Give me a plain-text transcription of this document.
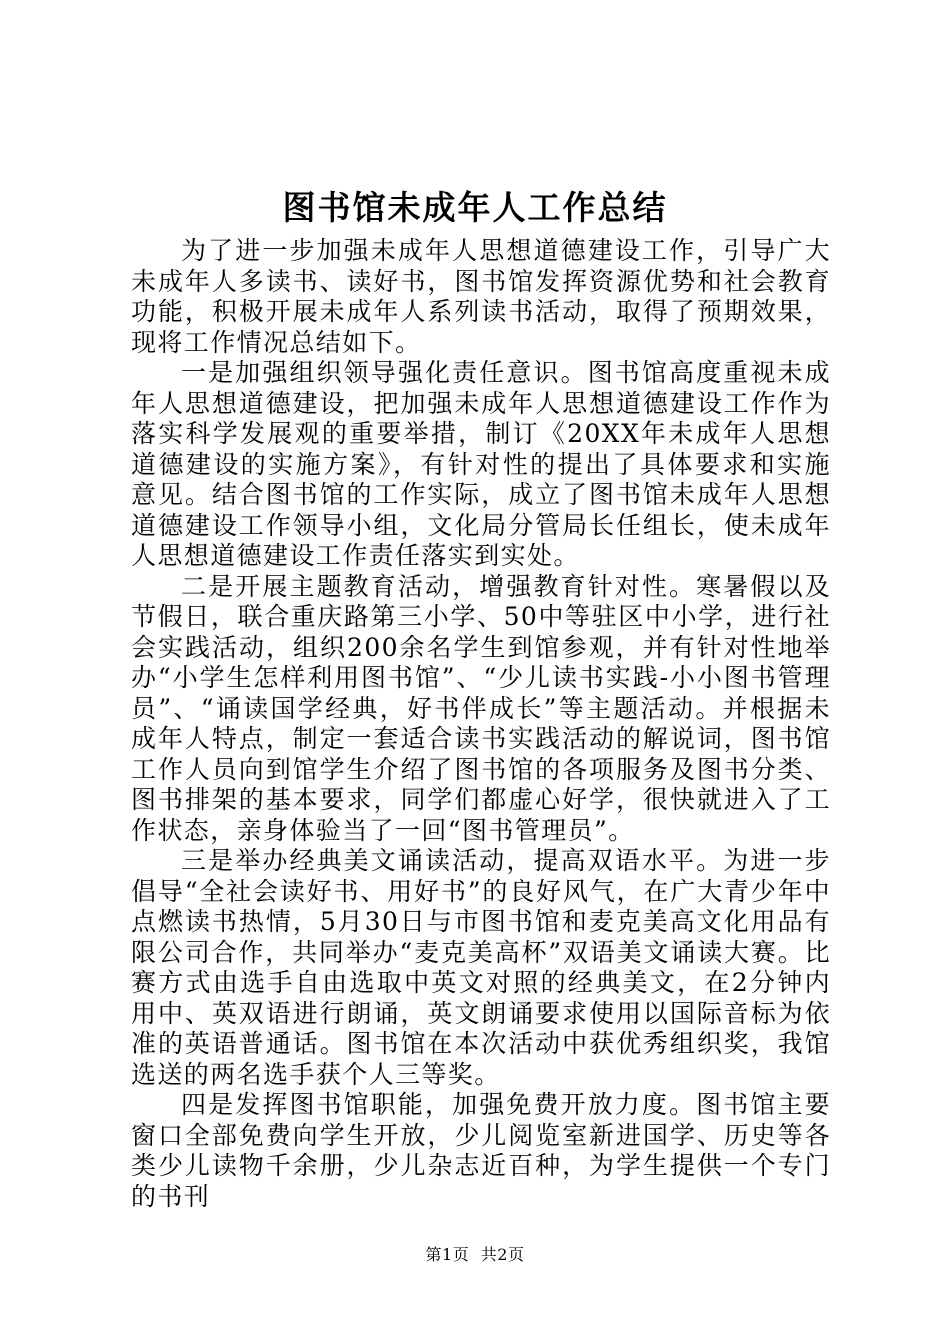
图书馆未成年人工作总结

为了进一步加强未成年人思想道德建设工作，引导广大未成年人多读书、读好书，图书馆发挥资源优势和社会教育功能，积极开展未成年人系列读书活动，取得了预期效果，现将工作情况总结如下。

一是加强组织领导强化责任意识。图书馆高度重视未成年人思想道德建设，把加强未成年人思想道德建设工作作为落实科学发展观的重要举措，制订《20XX年未成年人思想道德建设的实施方案》，有针对性的提出了具体要求和实施意见。结合图书馆的工作实际，成立了图书馆未成年人思想道德建设工作领导小组，文化局分管局长任组长，使未成年人思想道德建设工作责任落实到实处。

二是开展主题教育活动，增强教育针对性。寒暑假以及节假日，联合重庆路第三小学、50中等驻区中小学，进行社会实践活动，组织200余名学生到馆参观，并有针对性地举办“小学生怎样利用图书馆”、“少儿读书实践-小小图书管理员”、“诵读国学经典，好书伴成长”等主题活动。并根据未成年人特点，制定一套适合读书实践活动的解说词，图书馆工作人员向到馆学生介绍了图书馆的各项服务及图书分类、图书排架的基本要求，同学们都虚心好学，很快就进入了工作状态，亲身体验当了一回“图书管理员”。

三是举办经典美文诵读活动，提高双语水平。为进一步倡导“全社会读好书、用好书”的良好风气，在广大青少年中点燃读书热情，5月30日与市图书馆和麦克美高文化用品有限公司合作，共同举办“麦克美高杯”双语美文诵读大赛。比赛方式由选手自由选取中英文对照的经典美文，在2分钟内用中、英双语进行朗诵，英文朗诵要求使用以国际音标为依准的英语普通话。图书馆在本次活动中获优秀组织奖，我馆选送的两名选手获个人三等奖。

四是发挥图书馆职能，加强免费开放力度。图书馆主要窗口全部免费向学生开放，少儿阅览室新进国学、历史等各类少儿读物千余册，少儿杂志近百种，为学生提供一个专门的书刊

第1页 共2页
